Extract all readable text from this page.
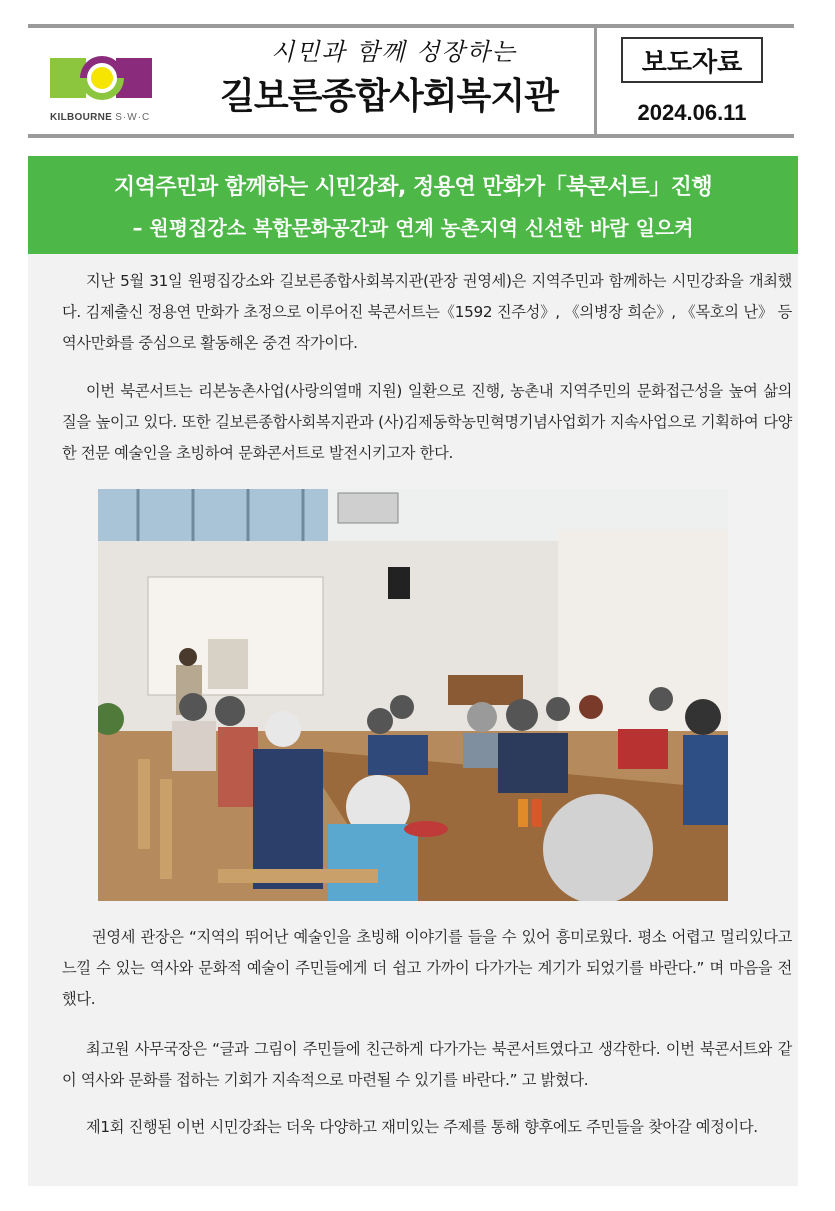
KILBOURNE S·W·C
시민과 함께 성장하는
길보른종합사회복지관
보도자료
2024.06.11
지역주민과 함께하는 시민강좌, 정용연 만화가「북콘서트」진행
– 원평집강소 복합문화공간과 연계 농촌지역 신선한 바람 일으켜
지난 5월 31일 원평집강소와 길보른종합사회복지관(관장 권영세)은 지역주민과 함께하는 시민강좌을 개최했다. 김제출신 정용연 만화가 초정으로 이루어진 북콘서트는《1592 진주성》, 《의병장 희순》, 《목호의 난》 등 역사만화를 중심으로 활동해온 중견 작가이다.
이번 북콘서트는 리본농촌사업(사랑의열매 지원) 일환으로 진행, 농촌내 지역주민의 문화접근성을 높여 삶의 질을 높이고 있다. 또한 길보른종합사회복지관과 (사)김제동학농민혁명기념사업회가 지속사업으로 기획하여 다양한 전문 예술인을 초빙하여 문화콘서트로 발전시키고자 한다.
권영세 관장은 “지역의 뛰어난 예술인을 초빙해 이야기를 들을 수 있어 흥미로웠다. 평소 어렵고 멀리있다고 느낄 수 있는 역사와 문화적 예술이 주민들에게 더 쉽고 가까이 다가가는 계기가 되었기를 바란다.” 며 마음을 전했다.
최고원 사무국장은 “글과 그림이 주민들에 친근하게 다가가는 북콘서트였다고 생각한다. 이번 북콘서트와 같이 역사와 문화를 접하는 기회가 지속적으로 마련될 수 있기를 바란다.” 고 밝혔다.
제1회 진행된 이번 시민강좌는 더욱 다양하고 재미있는 주제를 통해 향후에도 주민들을 찾아갈 예정이다.
